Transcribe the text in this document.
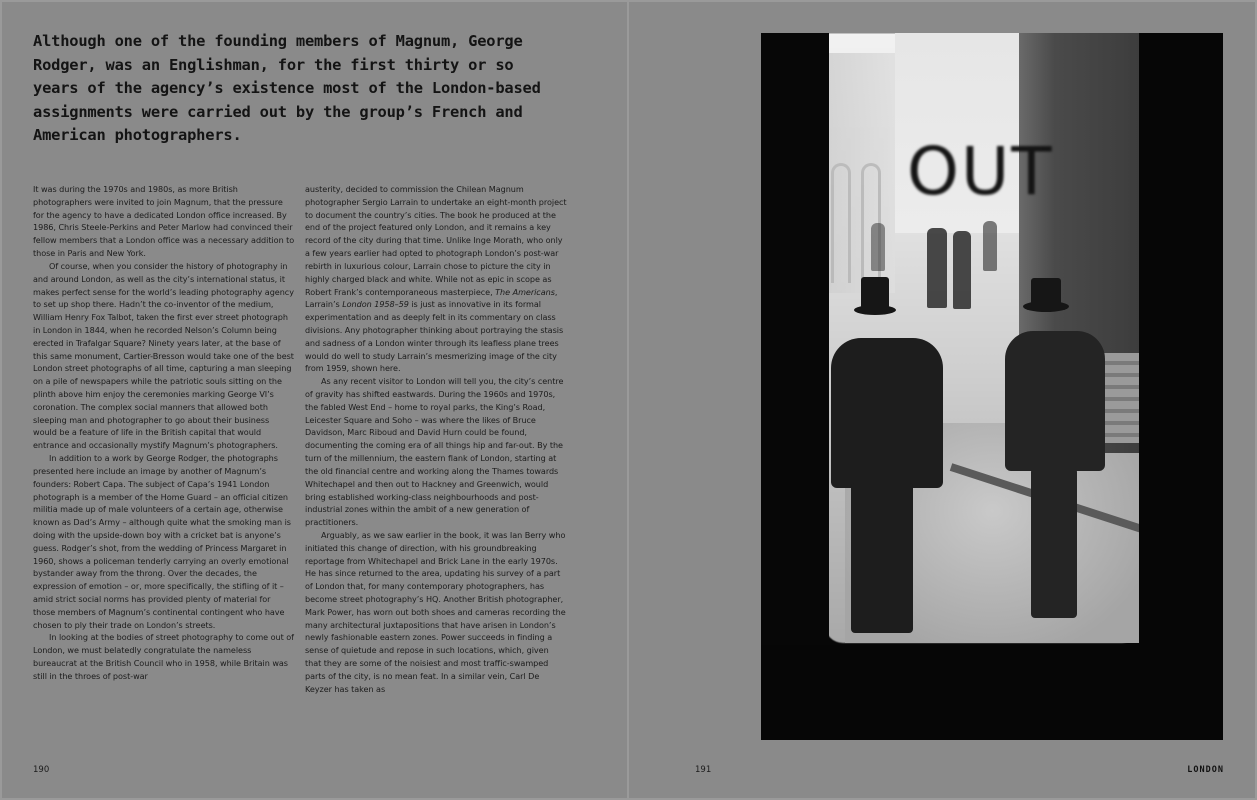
Although one of the founding members of Magnum, George Rodger, was an Englishman, for the first thirty or so years of the agency’s existence most of the London-based assignments were carried out by the group’s French and American photographers.

It was during the 1970s and 1980s, as more British photographers were invited to join Magnum, that the pressure for the agency to have a dedicated London office increased. By 1986, Chris Steele-Perkins and Peter Marlow had convinced their fellow members that a London office was a necessary addition to those in Paris and New York.

Of course, when you consider the history of photography in and around London, as well as the city’s international status, it makes perfect sense for the world’s leading photography agency to set up shop there. Hadn’t the co-inventor of the medium, William Henry Fox Talbot, taken the first ever street photograph in London in 1844, when he recorded Nelson’s Column being erected in Trafalgar Square? Ninety years later, at the base of this same monument, Cartier-Bresson would take one of the best London street photographs of all time, capturing a man sleeping on a pile of newspapers while the patriotic souls sitting on the plinth above him enjoy the ceremonies marking George VI’s coronation. The complex social manners that allowed both sleeping man and photographer to go about their business would be a feature of life in the British capital that would entrance and occasionally mystify Magnum’s photographers.

In addition to a work by George Rodger, the photographs presented here include an image by another of Magnum’s founders: Robert Capa. The subject of Capa’s 1941 London photograph is a member of the Home Guard – an official citizen militia made up of male volunteers of a certain age, otherwise known as Dad’s Army – although quite what the smoking man is doing with the upside-down boy with a cricket bat is anyone’s guess. Rodger’s shot, from the wedding of Princess Margaret in 1960, shows a policeman tenderly carrying an overly emotional bystander away from the throng. Over the decades, the expression of emotion – or, more specifically, the stifling of it – amid strict social norms has provided plenty of material for those members of Magnum’s continental contingent who have chosen to ply their trade on London’s streets.

In looking at the bodies of street photography to come out of London, we must belatedly congratulate the nameless bureaucrat at the British Council who in 1958, while Britain was still in the throes of post-war

austerity, decided to commission the Chilean Magnum photographer Sergio Larrain to undertake an eight-month project to document the country’s cities. The book he produced at the end of the project featured only London, and it remains a key record of the city during that time. Unlike Inge Morath, who only a few years earlier had opted to photograph London’s post-war rebirth in luxurious colour, Larrain chose to picture the city in highly charged black and white. While not as epic in scope as Robert Frank’s contemporaneous masterpiece, The Americans, Larrain’s London 1958–59 is just as innovative in its formal experimentation and as deeply felt in its commentary on class divisions. Any photographer thinking about portraying the stasis and sadness of a London winter through its leafless plane trees would do well to study Larrain’s mesmerizing image of the city from 1959, shown here.

As any recent visitor to London will tell you, the city’s centre of gravity has shifted eastwards. During the 1960s and 1970s, the fabled West End – home to royal parks, the King’s Road, Leicester Square and Soho – was where the likes of Bruce Davidson, Marc Riboud and David Hurn could be found, documenting the coming era of all things hip and far-out. By the turn of the millennium, the eastern flank of London, starting at the old financial centre and working along the Thames towards Whitechapel and then out to Hackney and Greenwich, would bring established working-class neighbourhoods and post-industrial zones within the ambit of a new generation of practitioners.

Arguably, as we saw earlier in the book, it was Ian Berry who initiated this change of direction, with his groundbreaking reportage from Whitechapel and Brick Lane in the early 1970s. He has since returned to the area, updating his survey of a part of London that, for many contemporary photographers, has become street photography’s HQ. Another British photographer, Mark Power, has worn out both shoes and cameras recording the many architectural juxtapositions that have arisen in London’s newly fashionable eastern zones. Power succeeds in finding a sense of quietude and repose in such locations, which, given that they are some of the noisiest and most traffic-swamped parts of the city, is no mean feat. In a similar vein, Carl De Keyzer has taken as

190
OUT
191	LONDON
